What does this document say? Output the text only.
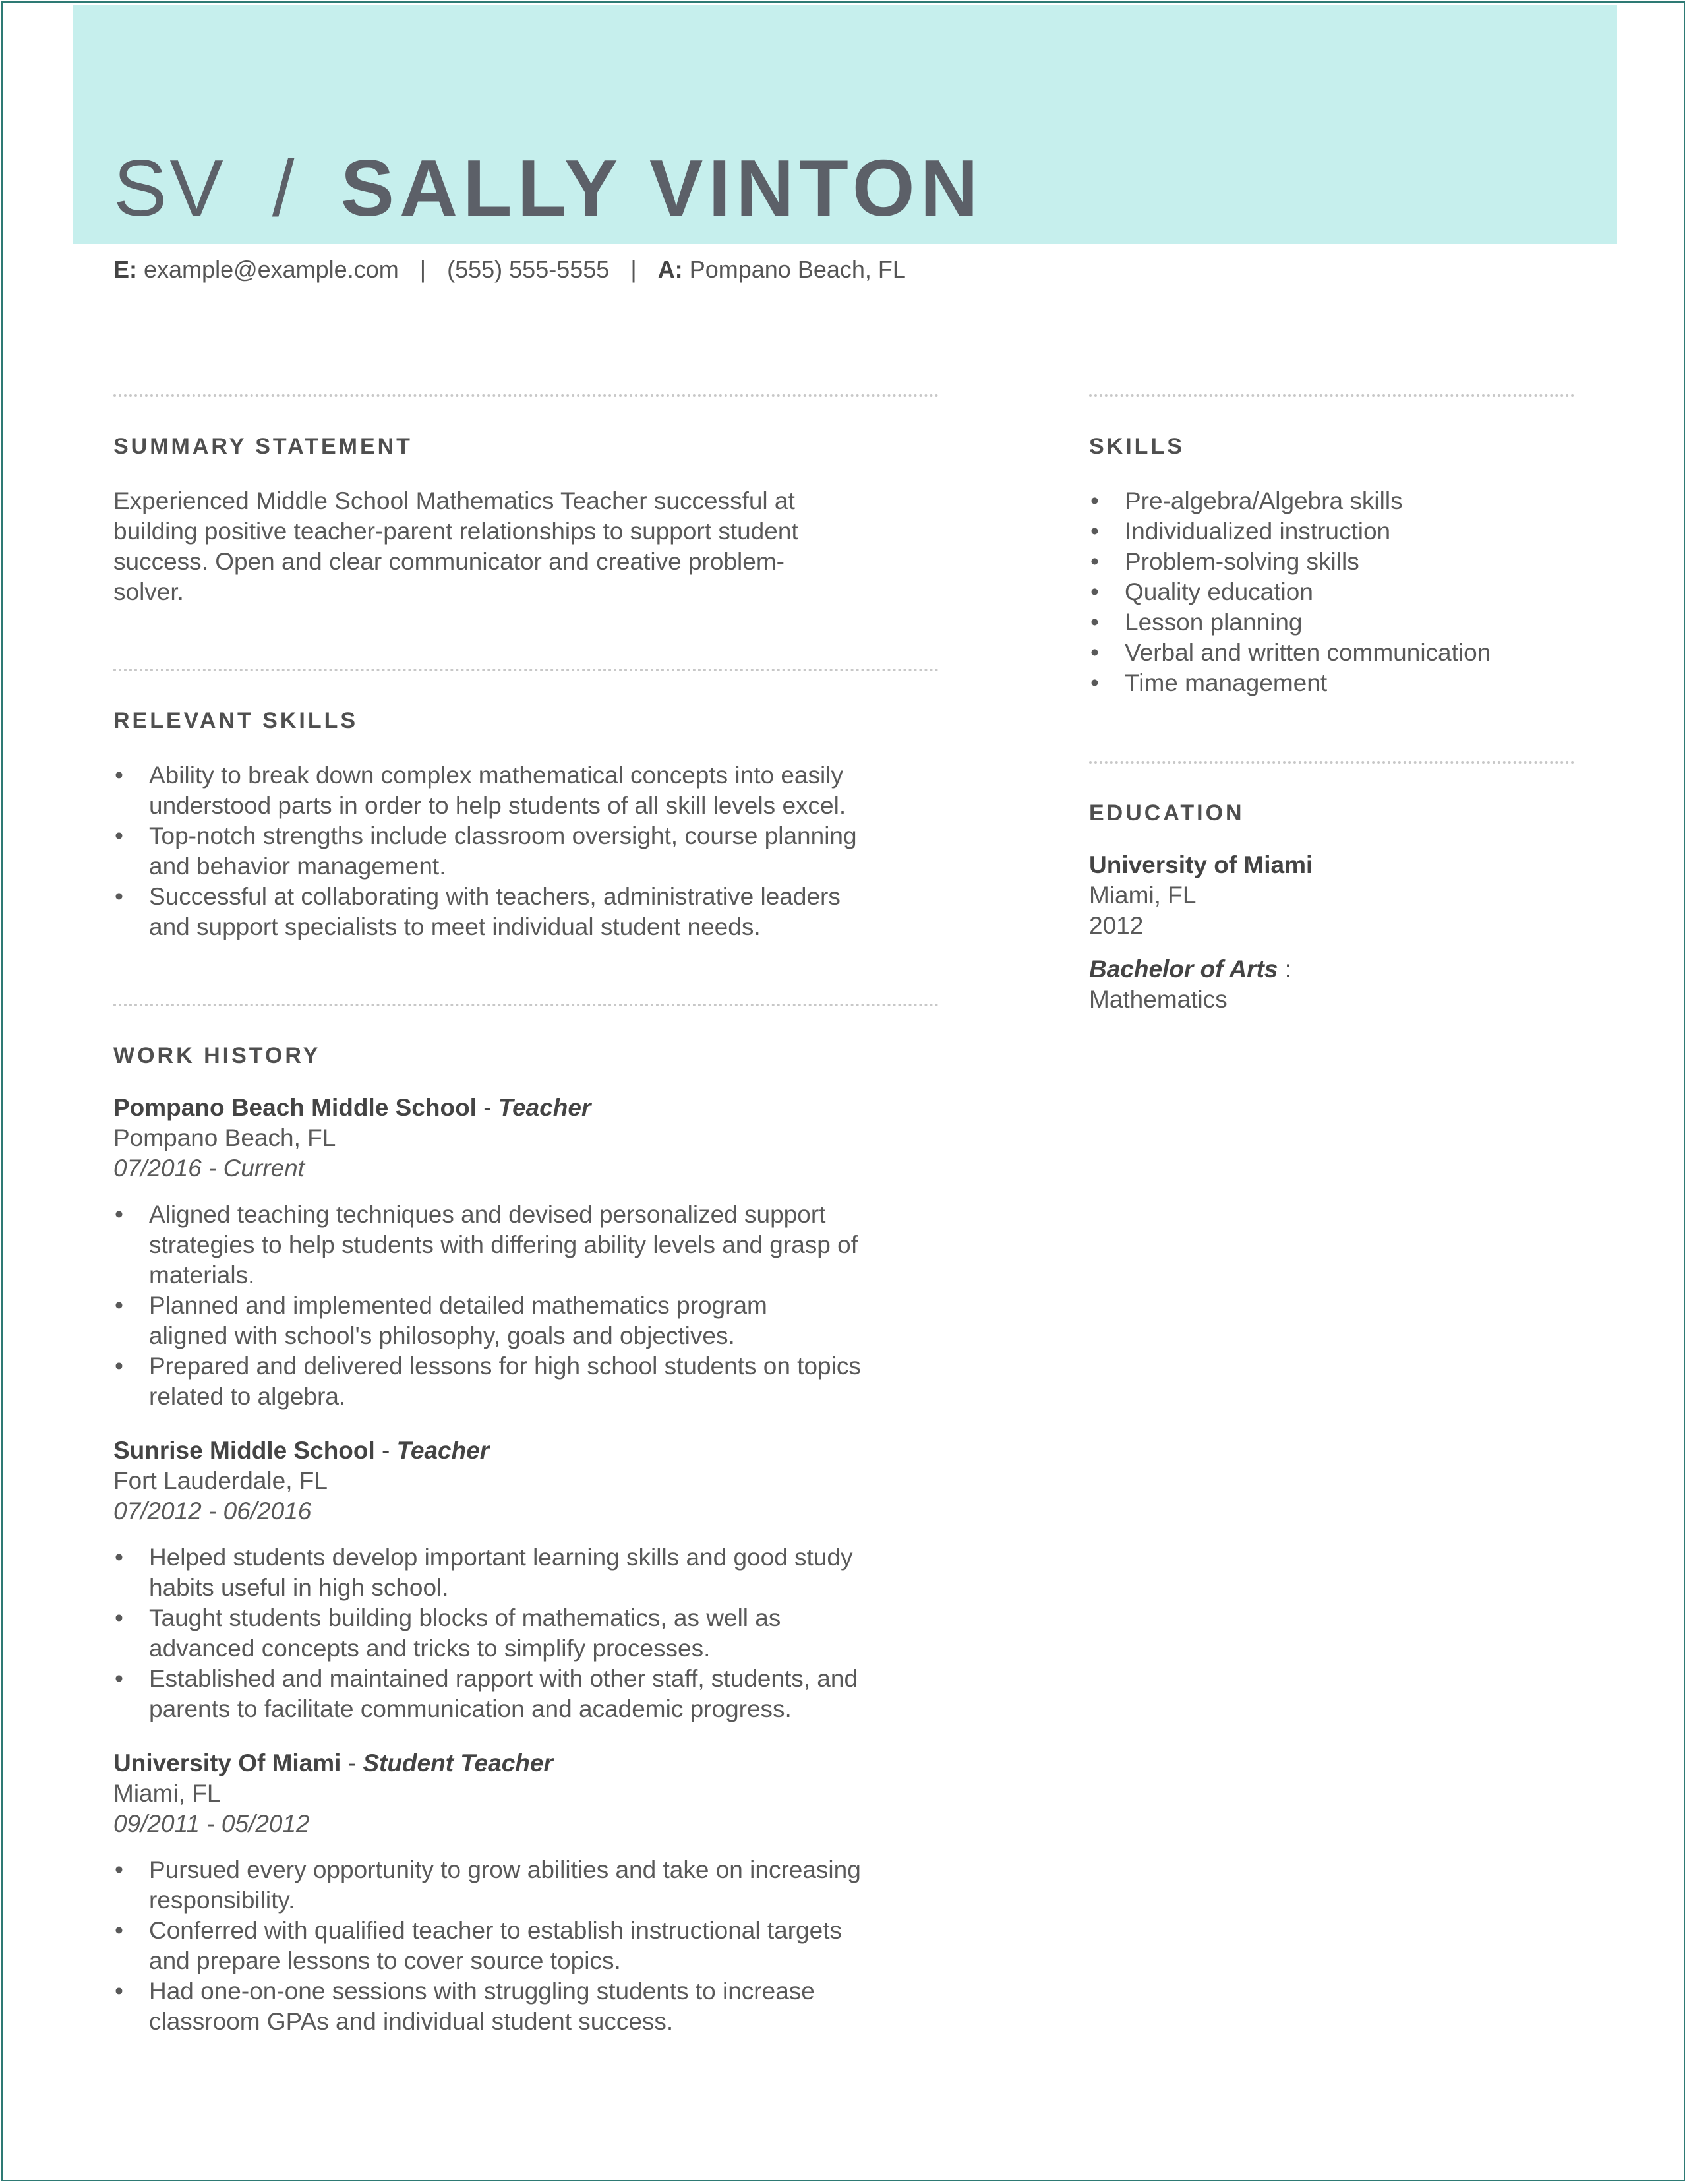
SV / SALLY VINTON
E: example@example.com | (555) 555-5555 | A: Pompano Beach, FL
SUMMARY STATEMENT

Experienced Middle School Mathematics Teacher successful at

building positive teacher-parent relationships to support student

success. Open and clear communicator and creative problem-

solver.

RELEVANT SKILLS
• Ability to break down complex mathematical concepts into easily
understood parts in order to help students of all skill levels excel.
• Top-notch strengths include classroom oversight, course planning
and behavior management.
• Successful at collaborating with teachers, administrative leaders
and support specialists to meet individual student needs.
WORK HISTORY
Pompano Beach Middle School - Teacher
Pompano Beach, FL
07/2016 - Current
• Aligned teaching techniques and devised personalized support
strategies to help students with differing ability levels and grasp of
materials.
• Planned and implemented detailed mathematics program
aligned with school's philosophy, goals and objectives.
• Prepared and delivered lessons for high school students on topics
related to algebra.
Sunrise Middle School - Teacher
Fort Lauderdale, FL
07/2012 - 06/2016
• Helped students develop important learning skills and good study
habits useful in high school.
• Taught students building blocks of mathematics, as well as
advanced concepts and tricks to simplify processes.
• Established and maintained rapport with other staff, students, and
parents to facilitate communication and academic progress.
University Of Miami - Student Teacher
Miami, FL
09/2011 - 05/2012
• Pursued every opportunity to grow abilities and take on increasing
responsibility.
• Conferred with qualified teacher to establish instructional targets
and prepare lessons to cover source topics.
• Had one-on-one sessions with struggling students to increase
classroom GPAs and individual student success.
SKILLS
• Pre-algebra/Algebra skills
• Individualized instruction
• Problem-solving skills
• Quality education
• Lesson planning
• Verbal and written communication
• Time management
EDUCATION
University of Miami
Miami, FL
2012
Bachelor of Arts :
Mathematics
